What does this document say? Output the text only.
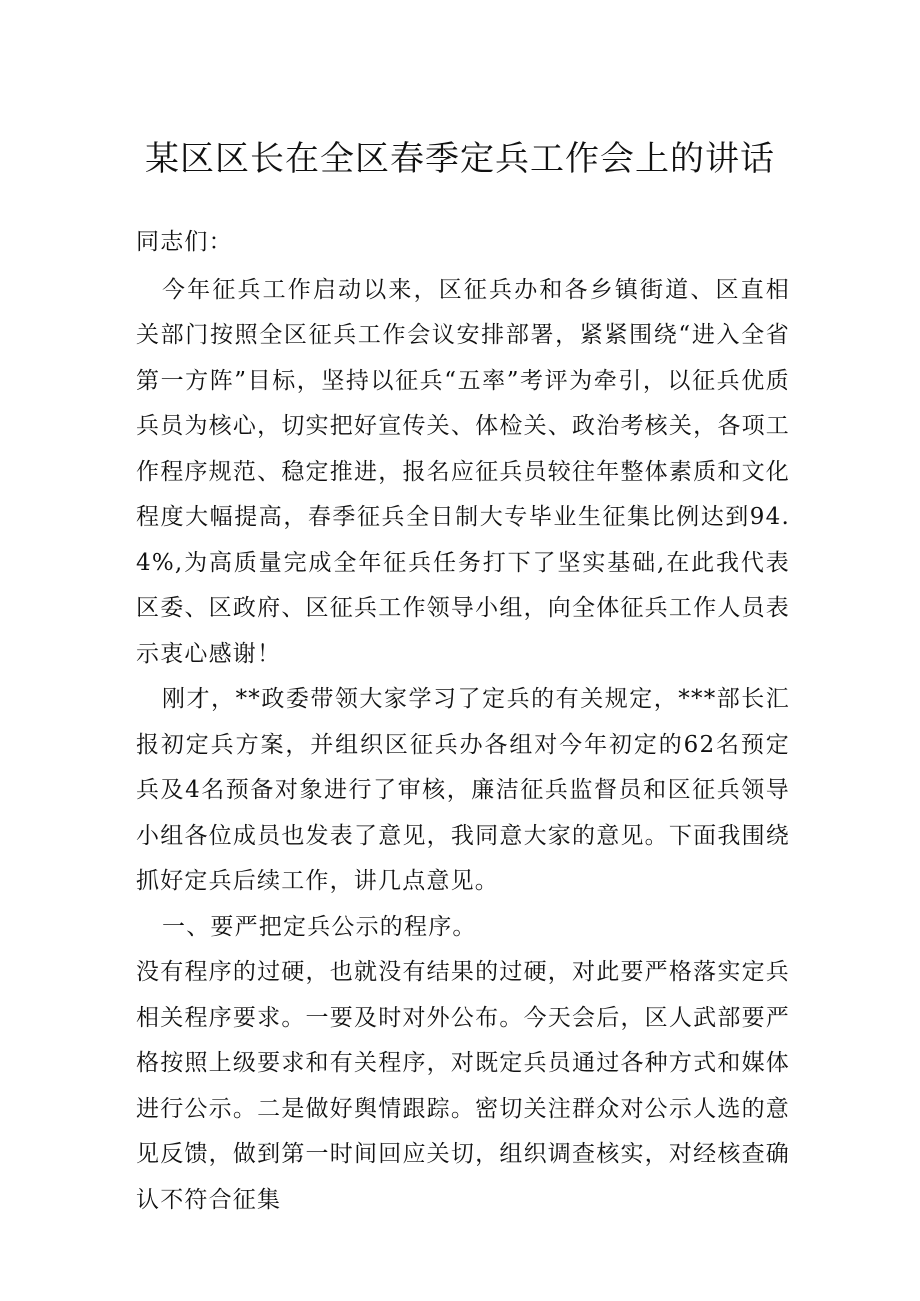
某区区长在全区春季定兵工作会上的讲话

同志们：

今年征兵工作启动以来，区征兵办和各乡镇街道、区直相关部门按照全区征兵工作会议安排部署，紧紧围绕“进入全省第一方阵”目标，坚持以征兵“五率”考评为牵引，以征兵优质兵员为核心，切实把好宣传关、体检关、政治考核关，各项工作程序规范、稳定推进，报名应征兵员较往年整体素质和文化程度大幅提高，春季征兵全日制大专毕业生征集比例达到94.4%,为高质量完成全年征兵任务打下了坚实基础,在此我代表区委、区政府、区征兵工作领导小组，向全体征兵工作人员表示衷心感谢！

刚才，**政委带领大家学习了定兵的有关规定，***部长汇报初定兵方案，并组织区征兵办各组对今年初定的62名预定兵及4名预备对象进行了审核，廉洁征兵监督员和区征兵领导小组各位成员也发表了意见，我同意大家的意见。下面我围绕抓好定兵后续工作，讲几点意见。

一、要严把定兵公示的程序。

没有程序的过硬，也就没有结果的过硬，对此要严格落实定兵相关程序要求。一要及时对外公布。今天会后，区人武部要严格按照上级要求和有关程序，对既定兵员通过各种方式和媒体进行公示。二是做好舆情跟踪。密切关注群众对公示人选的意见反馈，做到第一时间回应关切，组织调查核实，对经核查确认不符合征集
